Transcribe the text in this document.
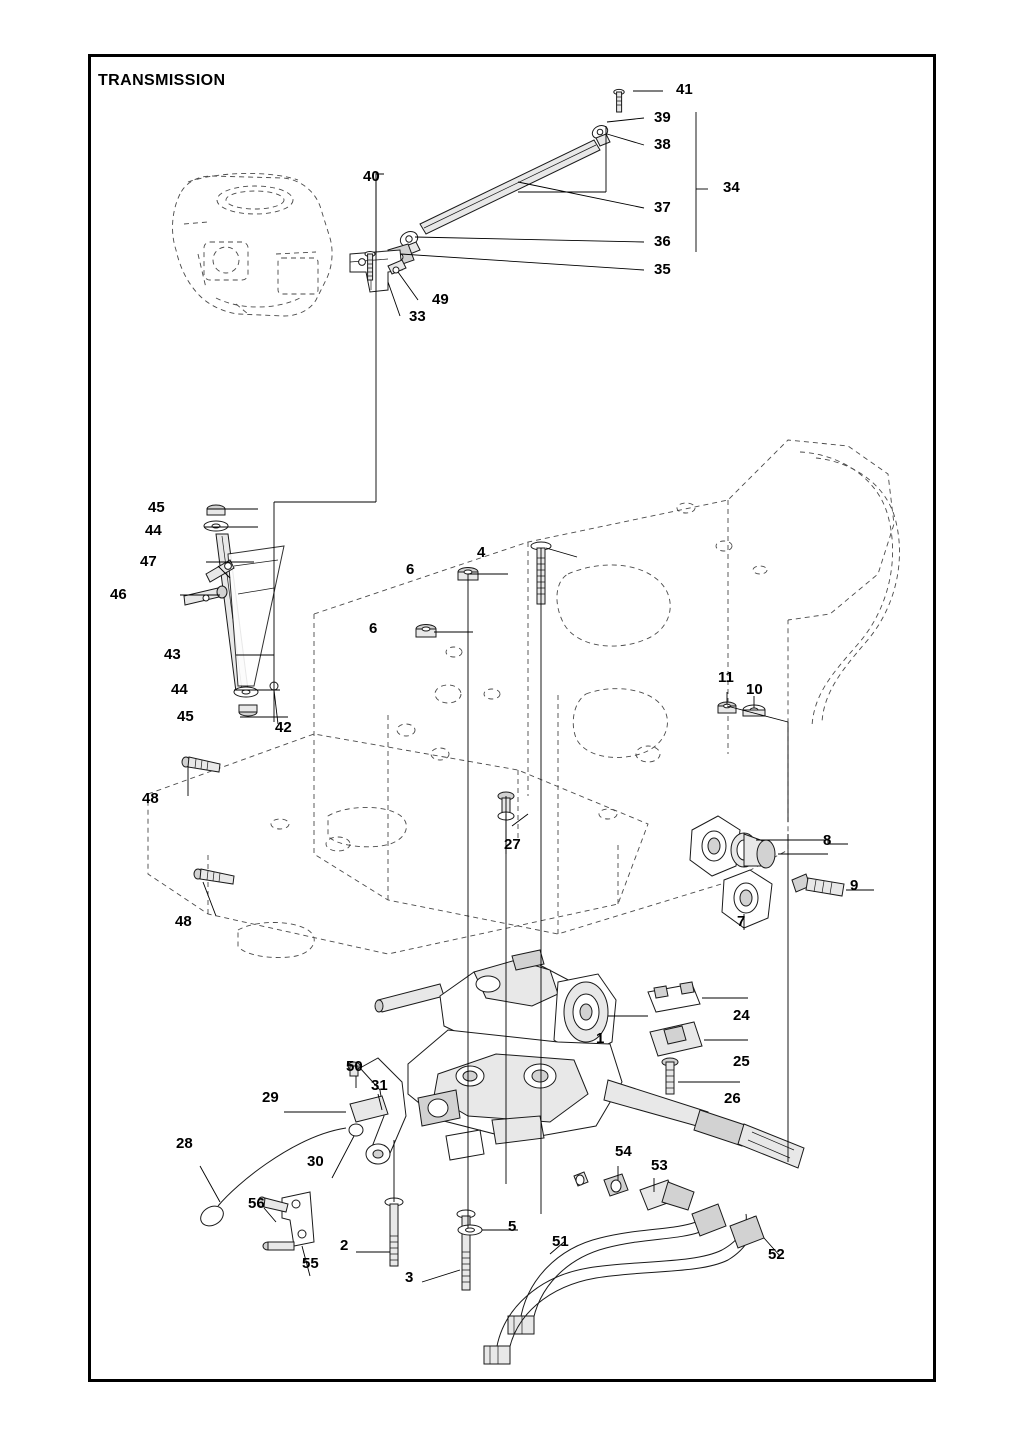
TRANSMISSION
41
39
38
34
40
37
36
35
49
33
45
44
47
46
43
44
45
42
6
6
4
11
10
48
48
27	8
9
7
1
24
25
26
50
31
29
30
28
56
55
2
3
5
51
54
53
52
